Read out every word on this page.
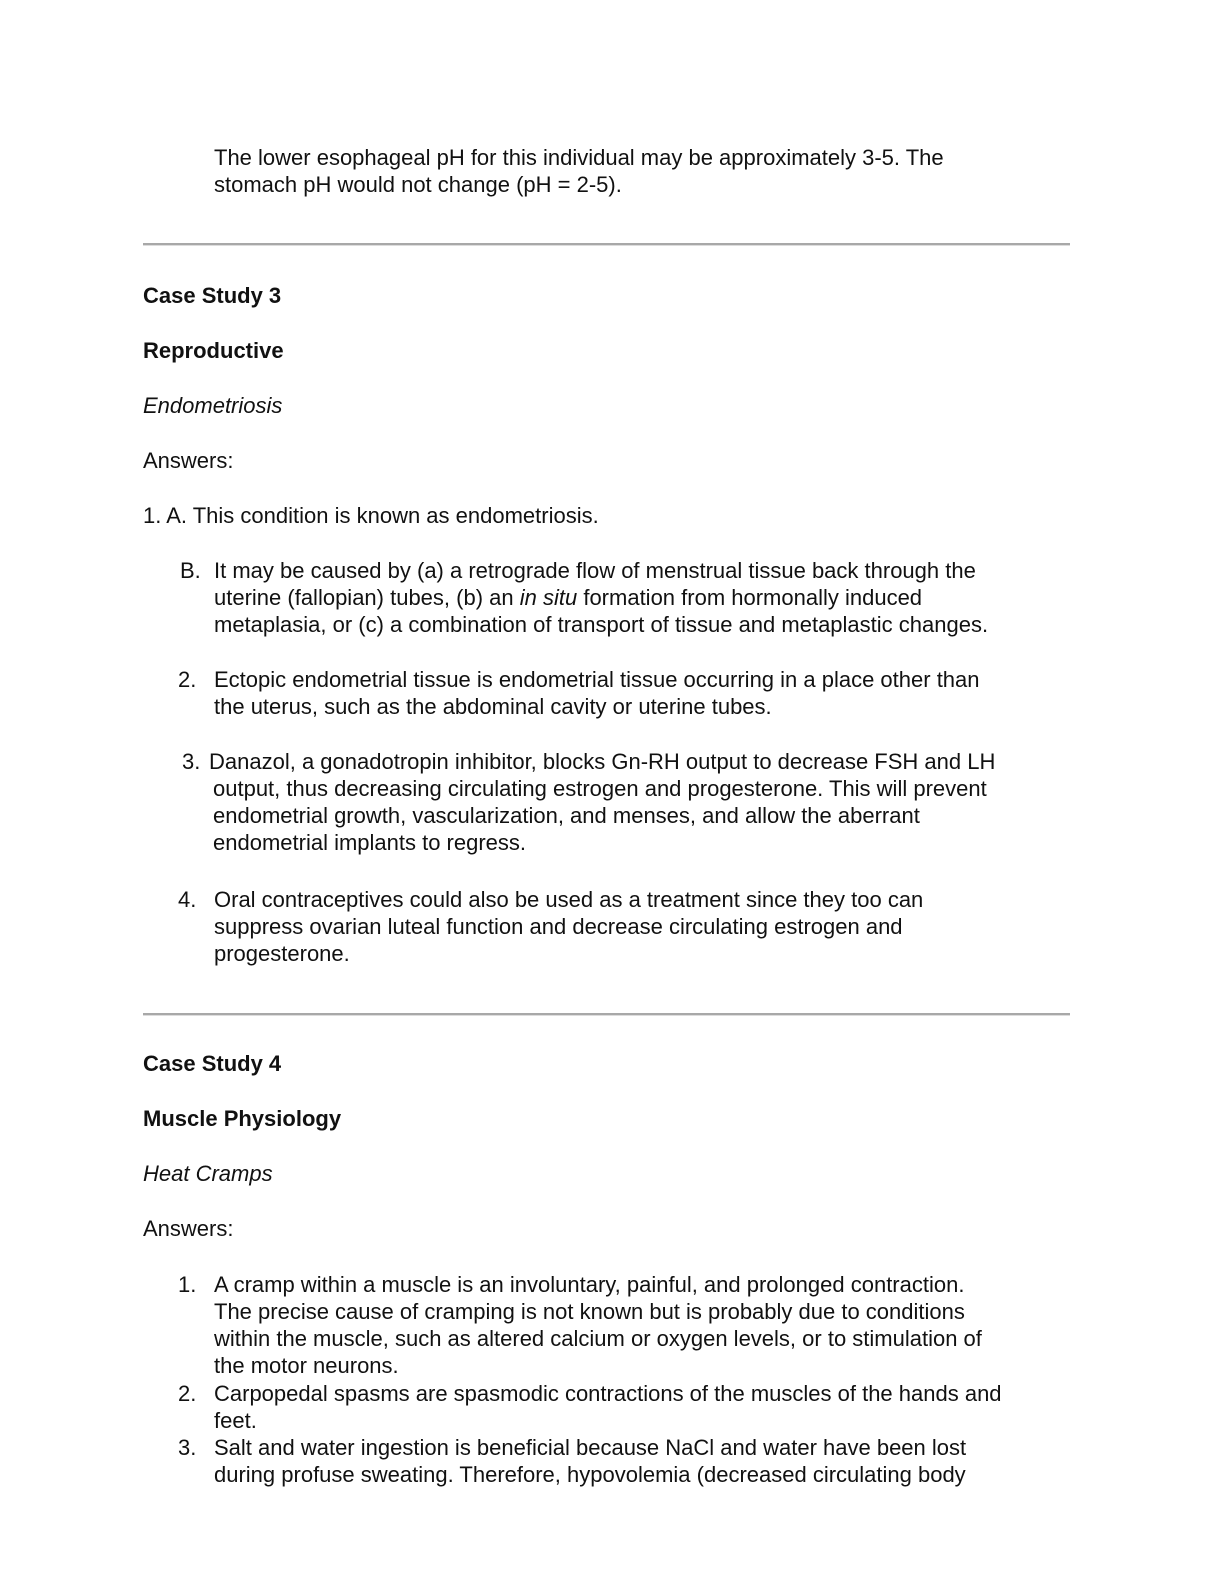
The lower esophageal pH for this individual may be approximately 3-5. The
stomach pH would not change (pH = 2-5).
Case Study 3
Reproductive
Endometriosis
Answers:
1. A. This condition is known as endometriosis.
B. It may be caused by (a) a retrograde flow of menstrual tissue back through the
uterine (fallopian) tubes, (b) an in situ formation from hormonally induced
metaplasia, or (c) a combination of transport of tissue and metaplastic changes.
2. Ectopic endometrial tissue is endometrial tissue occurring in a place other than
the uterus, such as the abdominal cavity or uterine tubes.
3. Danazol, a gonadotropin inhibitor, blocks Gn-RH output to decrease FSH and LH
output, thus decreasing circulating estrogen and progesterone. This will prevent
endometrial growth, vascularization, and menses, and allow the aberrant
endometrial implants to regress.
4. Oral contraceptives could also be used as a treatment since they too can
suppress ovarian luteal function and decrease circulating estrogen and
progesterone.
Case Study 4
Muscle Physiology
Heat Cramps
Answers:
1. A cramp within a muscle is an involuntary, painful, and prolonged contraction.
The precise cause of cramping is not known but is probably due to conditions
within the muscle, such as altered calcium or oxygen levels, or to stimulation of
the motor neurons.
2. Carpopedal spasms are spasmodic contractions of the muscles of the hands and
feet.
3. Salt and water ingestion is beneficial because NaCl and water have been lost
during profuse sweating. Therefore, hypovolemia (decreased circulating body
